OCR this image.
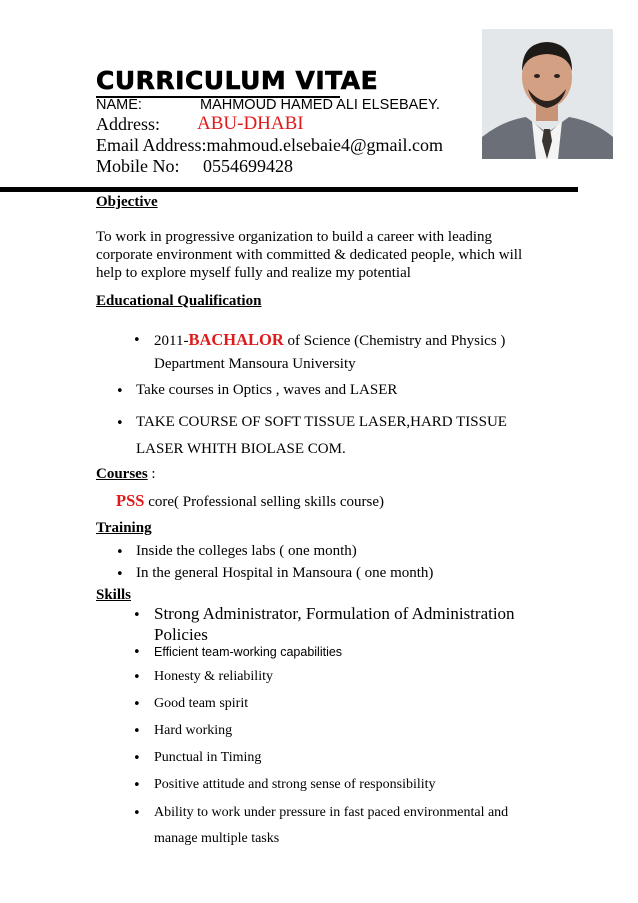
CURRICULUM VITAE
NAME:	MAHMOUD HAMED ALI ELSEBAEY.
Address: ABU-DHABI
Email Address:mahmoud.elsebaie4@gmail.com
Mobile No: 0554699428
Objective
To work in progressive organization to build a career with leading
corporate environment with committed & dedicated people, which will
help to explore myself fully and realize my potential
Educational Qualification
• 2011-BACHALOR of Science (Chemistry and Physics )
Department Mansoura University
• Take courses in Optics , waves and LASER
• TAKE COURSE OF SOFT TISSUE LASER,HARD TISSUE
LASER WHITH BIOLASE COM.
Courses :
PSS core( Professional selling skills course)
Training
• Inside the colleges labs ( one month)
• In the general Hospital in Mansoura ( one month)
Skills
• Strong Administrator, Formulation of Administration
Policies
• Efficient team-working capabilities
• Honesty & reliability
• Good team spirit
• Hard working
• Punctual in Timing
• Positive attitude and strong sense of responsibility
• Ability to work under pressure in fast paced environmental and
manage multiple tasks
